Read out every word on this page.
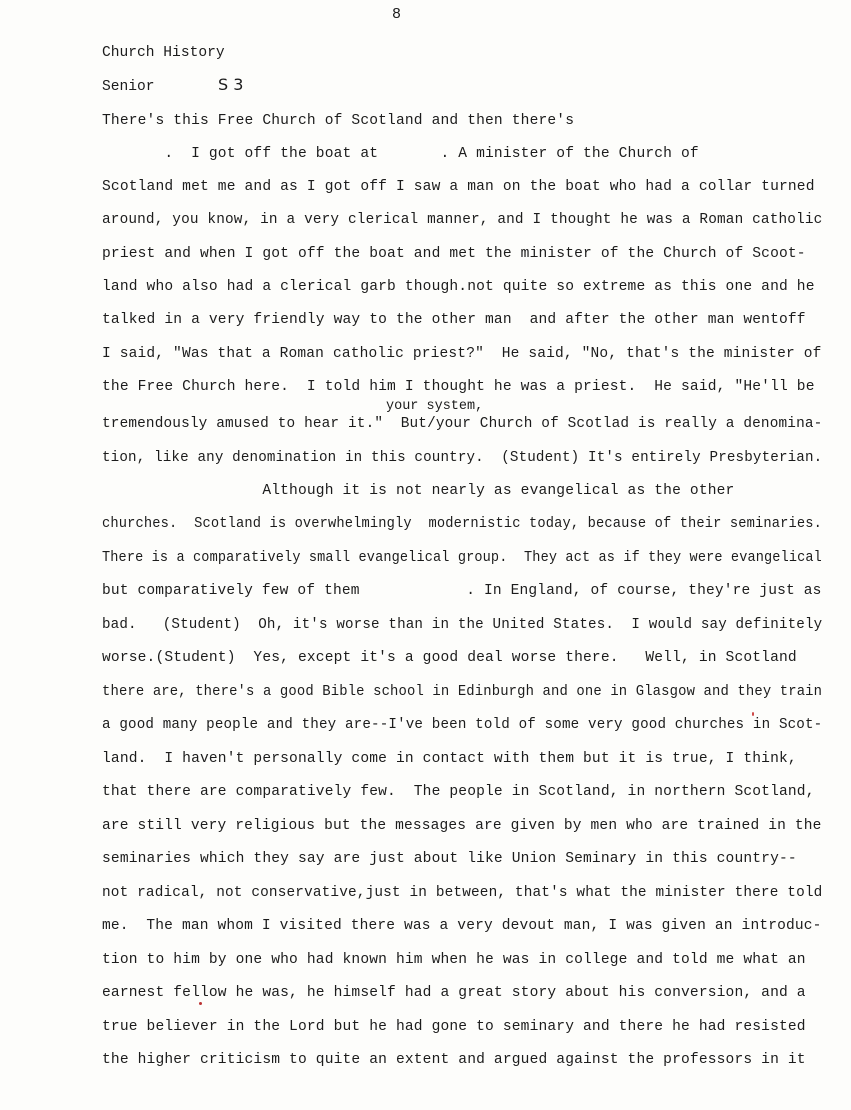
8
Church History
Senior	S 3
There's this Free Church of Scotland and then there's
.  I got off the boat at       . A minister of the Church of
Scotland met me and as I got off I saw a man on the boat who had a collar turned
around, you know, in a very clerical manner, and I thought he was a Roman catholic
priest and when I got off the boat and met the minister of the Church of Scoot-
land who also had a clerical garb though.not quite so extreme as this one and he
talked in a very friendly way to the other man  and after the other man wentoff
I said, "Was that a Roman catholic priest?"  He said, "No, that's the minister of
the Free Church here.  I told him I thought he was a priest.  He said, "He'll be
your system,
tremendously amused to hear it."  But/your Church of Scotlad is really a denomina-
tion, like any denomination in this country.  (Student) It's entirely Presbyterian.
Although it is not nearly as evangelical as the other
churches.  Scotland is overwhelmingly  modernistic today, because of their seminaries.
There is a comparatively small evangelical group.  They act as if they were evangelical
but comparatively few of them            . In England, of course, they're just as
bad.   (Student)  Oh, it's worse than in the United States.  I would say definitely
worse.(Student)  Yes, except it's a good deal worse there.   Well, in Scotland
there are, there's a good Bible school in Edinburgh and one in Glasgow and they train
a good many people and they are--I've been told of some very good churches in Scot-
land.  I haven't personally come in contact with them but it is true, I think,
that there are comparatively few.  The people in Scotland, in northern Scotland,
are still very religious but the messages are given by men who are trained in the
seminaries which they say are just about like Union Seminary in this country--
not radical, not conservative,just in between, that's what the minister there told
me.  The man whom I visited there was a very devout man, I was given an introduc-
tion to him by one who had known him when he was in college and told me what an
earnest fellow he was, he himself had a great story about his conversion, and a
true believer in the Lord but he had gone to seminary and there he had resisted
the higher criticism to quite an extent and argued against the professors in it
